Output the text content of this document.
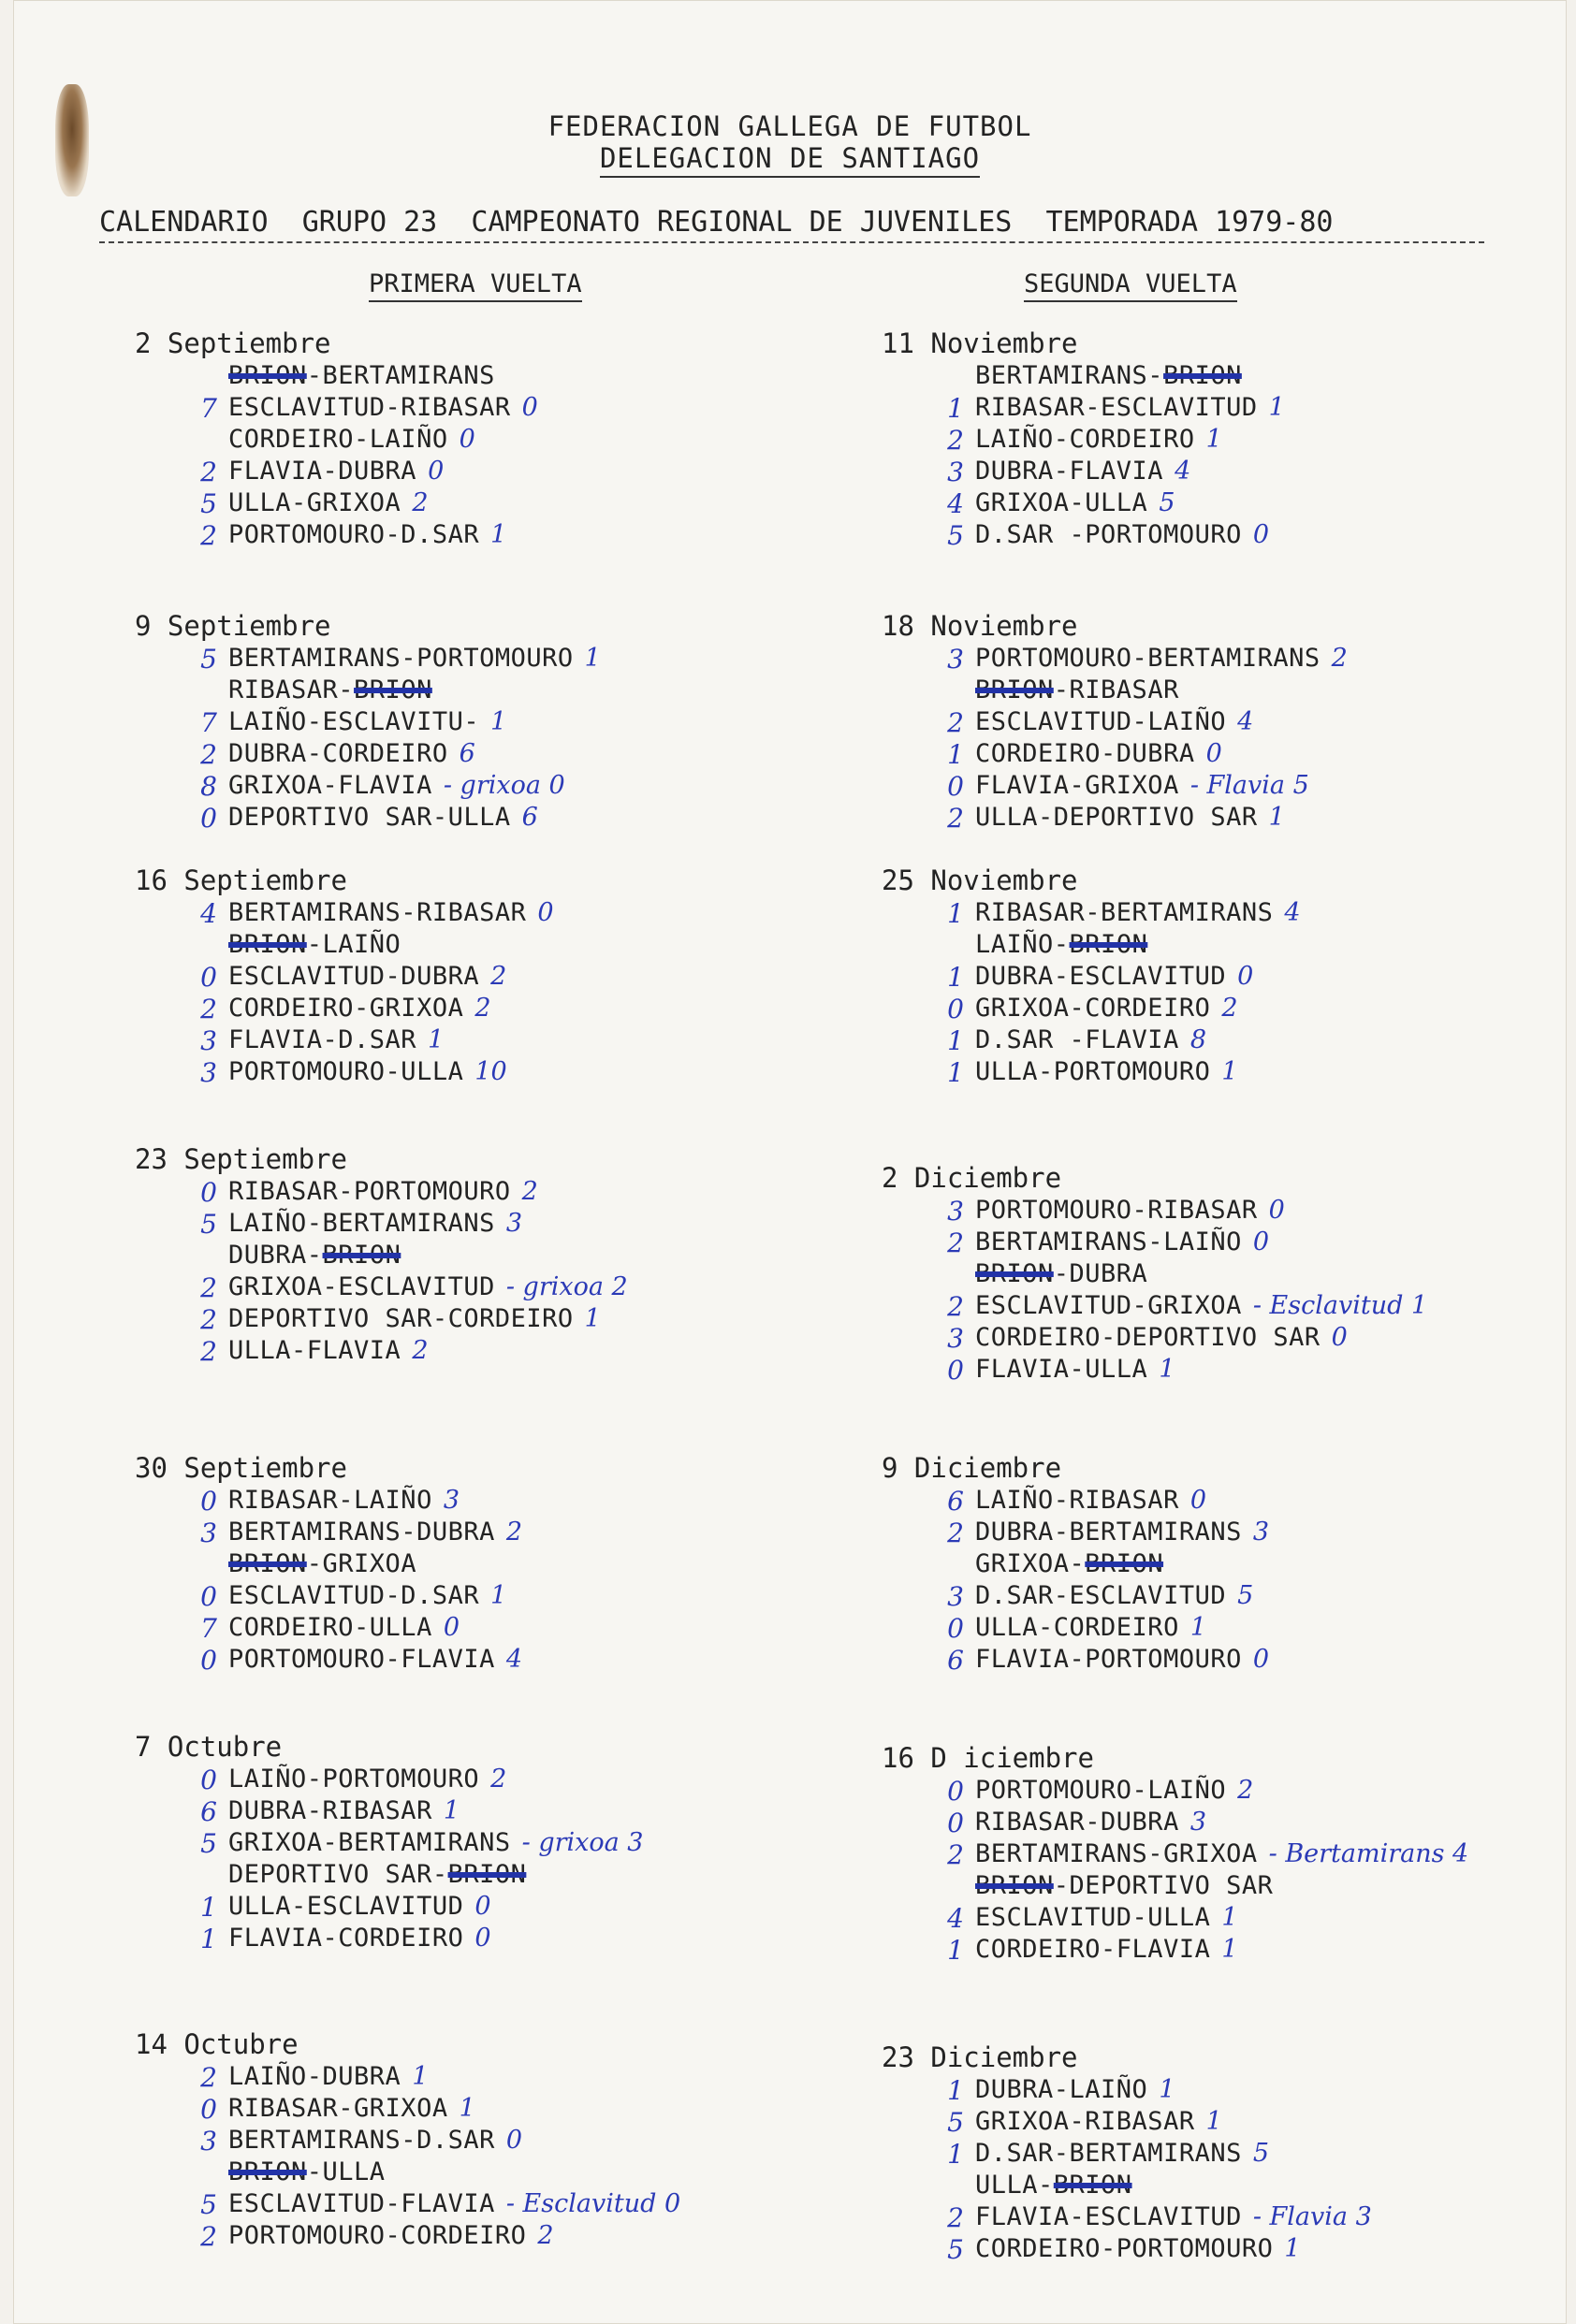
FEDERACION GALLEGA DE FUTBOL
DELEGACION DE SANTIAGO
CALENDARIO  GRUPO 23  CAMPEONATO REGIONAL DE JUVENILES  TEMPORADA 1979-80
PRIMERA VUELTA	SEGUNDA VUELTA
2 Septiembre
BRION-BERTAMIRANS
7 ESCLAVITUD-RIBASAR 0
CORDEIRO-LAIÑO 0
2 FLAVIA-DUBRA 0
5 ULLA-GRIXOA 2
2 PORTOMOURO-D.SAR 1
9 Septiembre
5 BERTAMIRANS-PORTOMOURO 1
RIBASAR-BRION
7 LAIÑO-ESCLAVITU- 1
2 DUBRA-CORDEIRO 6
8 GRIXOA-FLAVIA - grixoa 0
0 DEPORTIVO SAR-ULLA 6
16 Septiembre
4 BERTAMIRANS-RIBASAR 0
BRION-LAIÑO
0 ESCLAVITUD-DUBRA 2
2 CORDEIRO-GRIXOA 2
3 FLAVIA-D.SAR 1
3 PORTOMOURO-ULLA 10
23 Septiembre
0 RIBASAR-PORTOMOURO 2
5 LAIÑO-BERTAMIRANS 3
DUBRA-BRION
2 GRIXOA-ESCLAVITUD - grixoa 2
2 DEPORTIVO SAR-CORDEIRO 1
2 ULLA-FLAVIA 2
30 Septiembre
0 RIBASAR-LAIÑO 3
3 BERTAMIRANS-DUBRA 2
BRION-GRIXOA
0 ESCLAVITUD-D.SAR 1
7 CORDEIRO-ULLA 0
0 PORTOMOURO-FLAVIA 4
7 Octubre
0 LAIÑO-PORTOMOURO 2
6 DUBRA-RIBASAR 1
5 GRIXOA-BERTAMIRANS - grixoa 3
DEPORTIVO SAR-BRION
1 ULLA-ESCLAVITUD 0
1 FLAVIA-CORDEIRO 0
14 Octubre
2 LAIÑO-DUBRA 1
0 RIBASAR-GRIXOA 1
3 BERTAMIRANS-D.SAR 0
BRION-ULLA
5 ESCLAVITUD-FLAVIA - Esclavitud 0
2 PORTOMOURO-CORDEIRO 2
11 Noviembre
BERTAMIRANS-BRION
1 RIBASAR-ESCLAVITUD 1
2 LAIÑO-CORDEIRO 1
3 DUBRA-FLAVIA 4
4 GRIXOA-ULLA 5
5 D.SAR -PORTOMOURO 0
18 Noviembre
3 PORTOMOURO-BERTAMIRANS 2
BRION-RIBASAR
2 ESCLAVITUD-LAIÑO 4
1 CORDEIRO-DUBRA 0
0 FLAVIA-GRIXOA - Flavia 5
2 ULLA-DEPORTIVO SAR 1
25 Noviembre
1 RIBASAR-BERTAMIRANS 4
LAIÑO-BRION
1 DUBRA-ESCLAVITUD 0
0 GRIXOA-CORDEIRO 2
1 D.SAR -FLAVIA 8
1 ULLA-PORTOMOURO 1
2 Diciembre
3 PORTOMOURO-RIBASAR 0
2 BERTAMIRANS-LAIÑO 0
BRION-DUBRA
2 ESCLAVITUD-GRIXOA - Esclavitud 1
3 CORDEIRO-DEPORTIVO SAR 0
0 FLAVIA-ULLA 1
9 Diciembre
6 LAIÑO-RIBASAR 0
2 DUBRA-BERTAMIRANS 3
GRIXOA-BRION
3 D.SAR-ESCLAVITUD 5
0 ULLA-CORDEIRO 1
6 FLAVIA-PORTOMOURO 0
16 D iciembre
0 PORTOMOURO-LAIÑO 2
0 RIBASAR-DUBRA 3
2 BERTAMIRANS-GRIXOA - Bertamirans 4
BRION-DEPORTIVO SAR
4 ESCLAVITUD-ULLA 1
1 CORDEIRO-FLAVIA 1
23 Diciembre
1 DUBRA-LAIÑO 1
5 GRIXOA-RIBASAR 1
1 D.SAR-BERTAMIRANS 5
ULLA-BRION
2 FLAVIA-ESCLAVITUD - Flavia 3
5 CORDEIRO-PORTOMOURO 1
